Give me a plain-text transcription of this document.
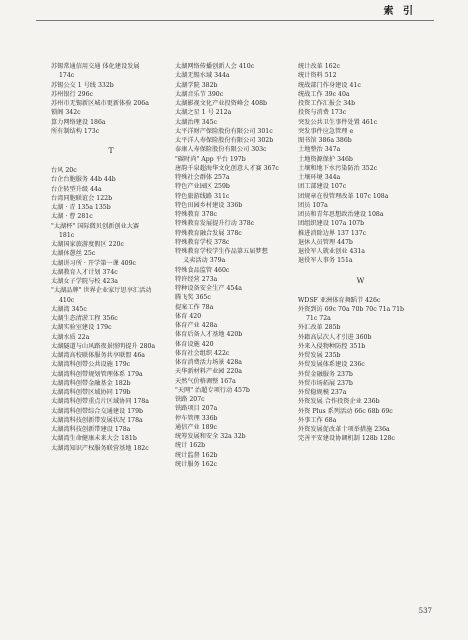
索 引
苏锡常通信用交通 体化建设发展
174c
苏锡公交 1 号线 332b
苏州银行 296c
苏州市无锡新区城市更新体验 206a
锁阁 342c
算力网络建设 186a
所有制结构 173c
T
台风 20c
台企台胞服务 44b 44b
台企转型升级 44a
台湾同胞联谊会 122b
太湖 · 青 135a 135b
太湖 · 曹 281c
"太湖杯" 国际微贝创新创业大赛
181c
太湖国家旅游度假区 220c
太湖休憩丝 25c
太湖讲习所 · 开学第一课 409c
太湖教育人才计划 374c
太湖女子学院与校 423a
"太湖品牌" 世界企业家厅思享汇活动
410c
太湖湾 345c
太湖生态清淤工程 356c
太湖实验室建设 179c
太湖水质 22a
太湖隧道与山风路夜景照明提升 280a
太湖湾高校联体服务共享联盟 46a
太湖湾科创带公共设施 179c
太湖湾科创带规划管理体系 179a
太湖湾科创带金融基金 182b
太湖湾科创带区域协同 179b
太湖湾科创带重点片区域协同 178a
太湖湾科创带综合交通建设 179b
太湖湾科技创新带发展状况 178a
太湖湾科技创新带建设 178a
太湖湾生命健康未来大会 181b
太湖湾知识产权服务联营基地 182c
太湖网络传播创新人会 410c
太湖无锡水域 344a
太湖学院 382b
太湖音乐节 390c
太湖影视文化产业投资峰会 408b
太湖之星 1 号 212a
太湖治理 345c
太平洋财产保险股份有限公司 301c
太平洋人寿保险股份有限公司 302b
泰康人寿保险股份有限公司 303c
"碳时尚" App 平台 197b
唐韵千泉超海华文化创意人才赛 367c
特殊社会群体 257a
特色产业园区 259b
特色旅游线路 311c
特色田园乡村建设 336b
特殊教育 378c
特殊教育发展提升行动 378c
特殊教育融合发展 378c
特殊教育学校 378c
特殊教育学校学生作品第五届梦想
义卖活动 379a
特殊食品监管 460c
特许经营 273a
特种设备安全生产 454a
腾飞奖 365c
提案工作 78a
体育 420
体育产业 428a
体育后备人才基地 420b
体育设施 420
体育社会组织 422c
体育消费活力场景 428a
天华新材料产业园 220a
天然气价格调整 167a
"天网" 治超专项行动 457b
铁路 207c
铁路项目 207a
停车管理 336b
通信产业 189c
统筹发展和安全 32a 32b
统计 162b
统计监督 162b
统计服务 162c
统计改革 162c
统计资料 512
统战部门作身建设 41c
统战工作 39c 40a
投资工作汇报会 34b
投资与消费 173c
突发公共卫生事件处置 461c
突发事件应急管理 e
图书馆 386a 386b
土地整治 347a
土地资源保护 346b
土壤和地下水污染防治 352c
土壤环境 344a
团工部建设 107c
团规章在役管理改革 107c 108a
团员 107a
团员和青年思想政治建设 108a
团组织建设 107a 107b
推进消除边界 137 137c
退休人员管理 447b
退役军人就业创业 431a
退役军人事务 151a
W
WDSF 亚洲体育舞蹈节 426c
外资到访 69c 70a 70b 70c 71a 71b
71c 72a
外汇改革 285b
外籍高层次人才引进 360b
外来入侵物种防控 351b
外贸发展 235b
外贸发展体系建设 236c
外贸金融服务 237b
外贸市场拓展 237b
外贸稳规模 237a
外资发展 合作投资企业 236b
外资 Plus 系列活动 66c 68b 69c
外事工作 68a
外资发展促改革十项举措施 236a
完善平安建设协调机制 128b 128c
537
